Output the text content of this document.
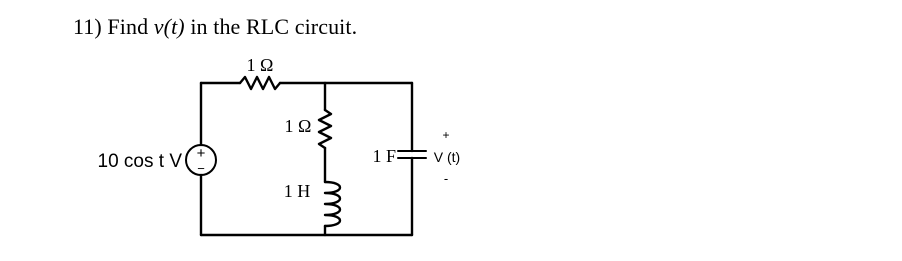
11) Find v(t) in the RLC circuit.
+
−
1 Ω
1 Ω
1 H
1 F
10 cos t V
+
V (t)
-
